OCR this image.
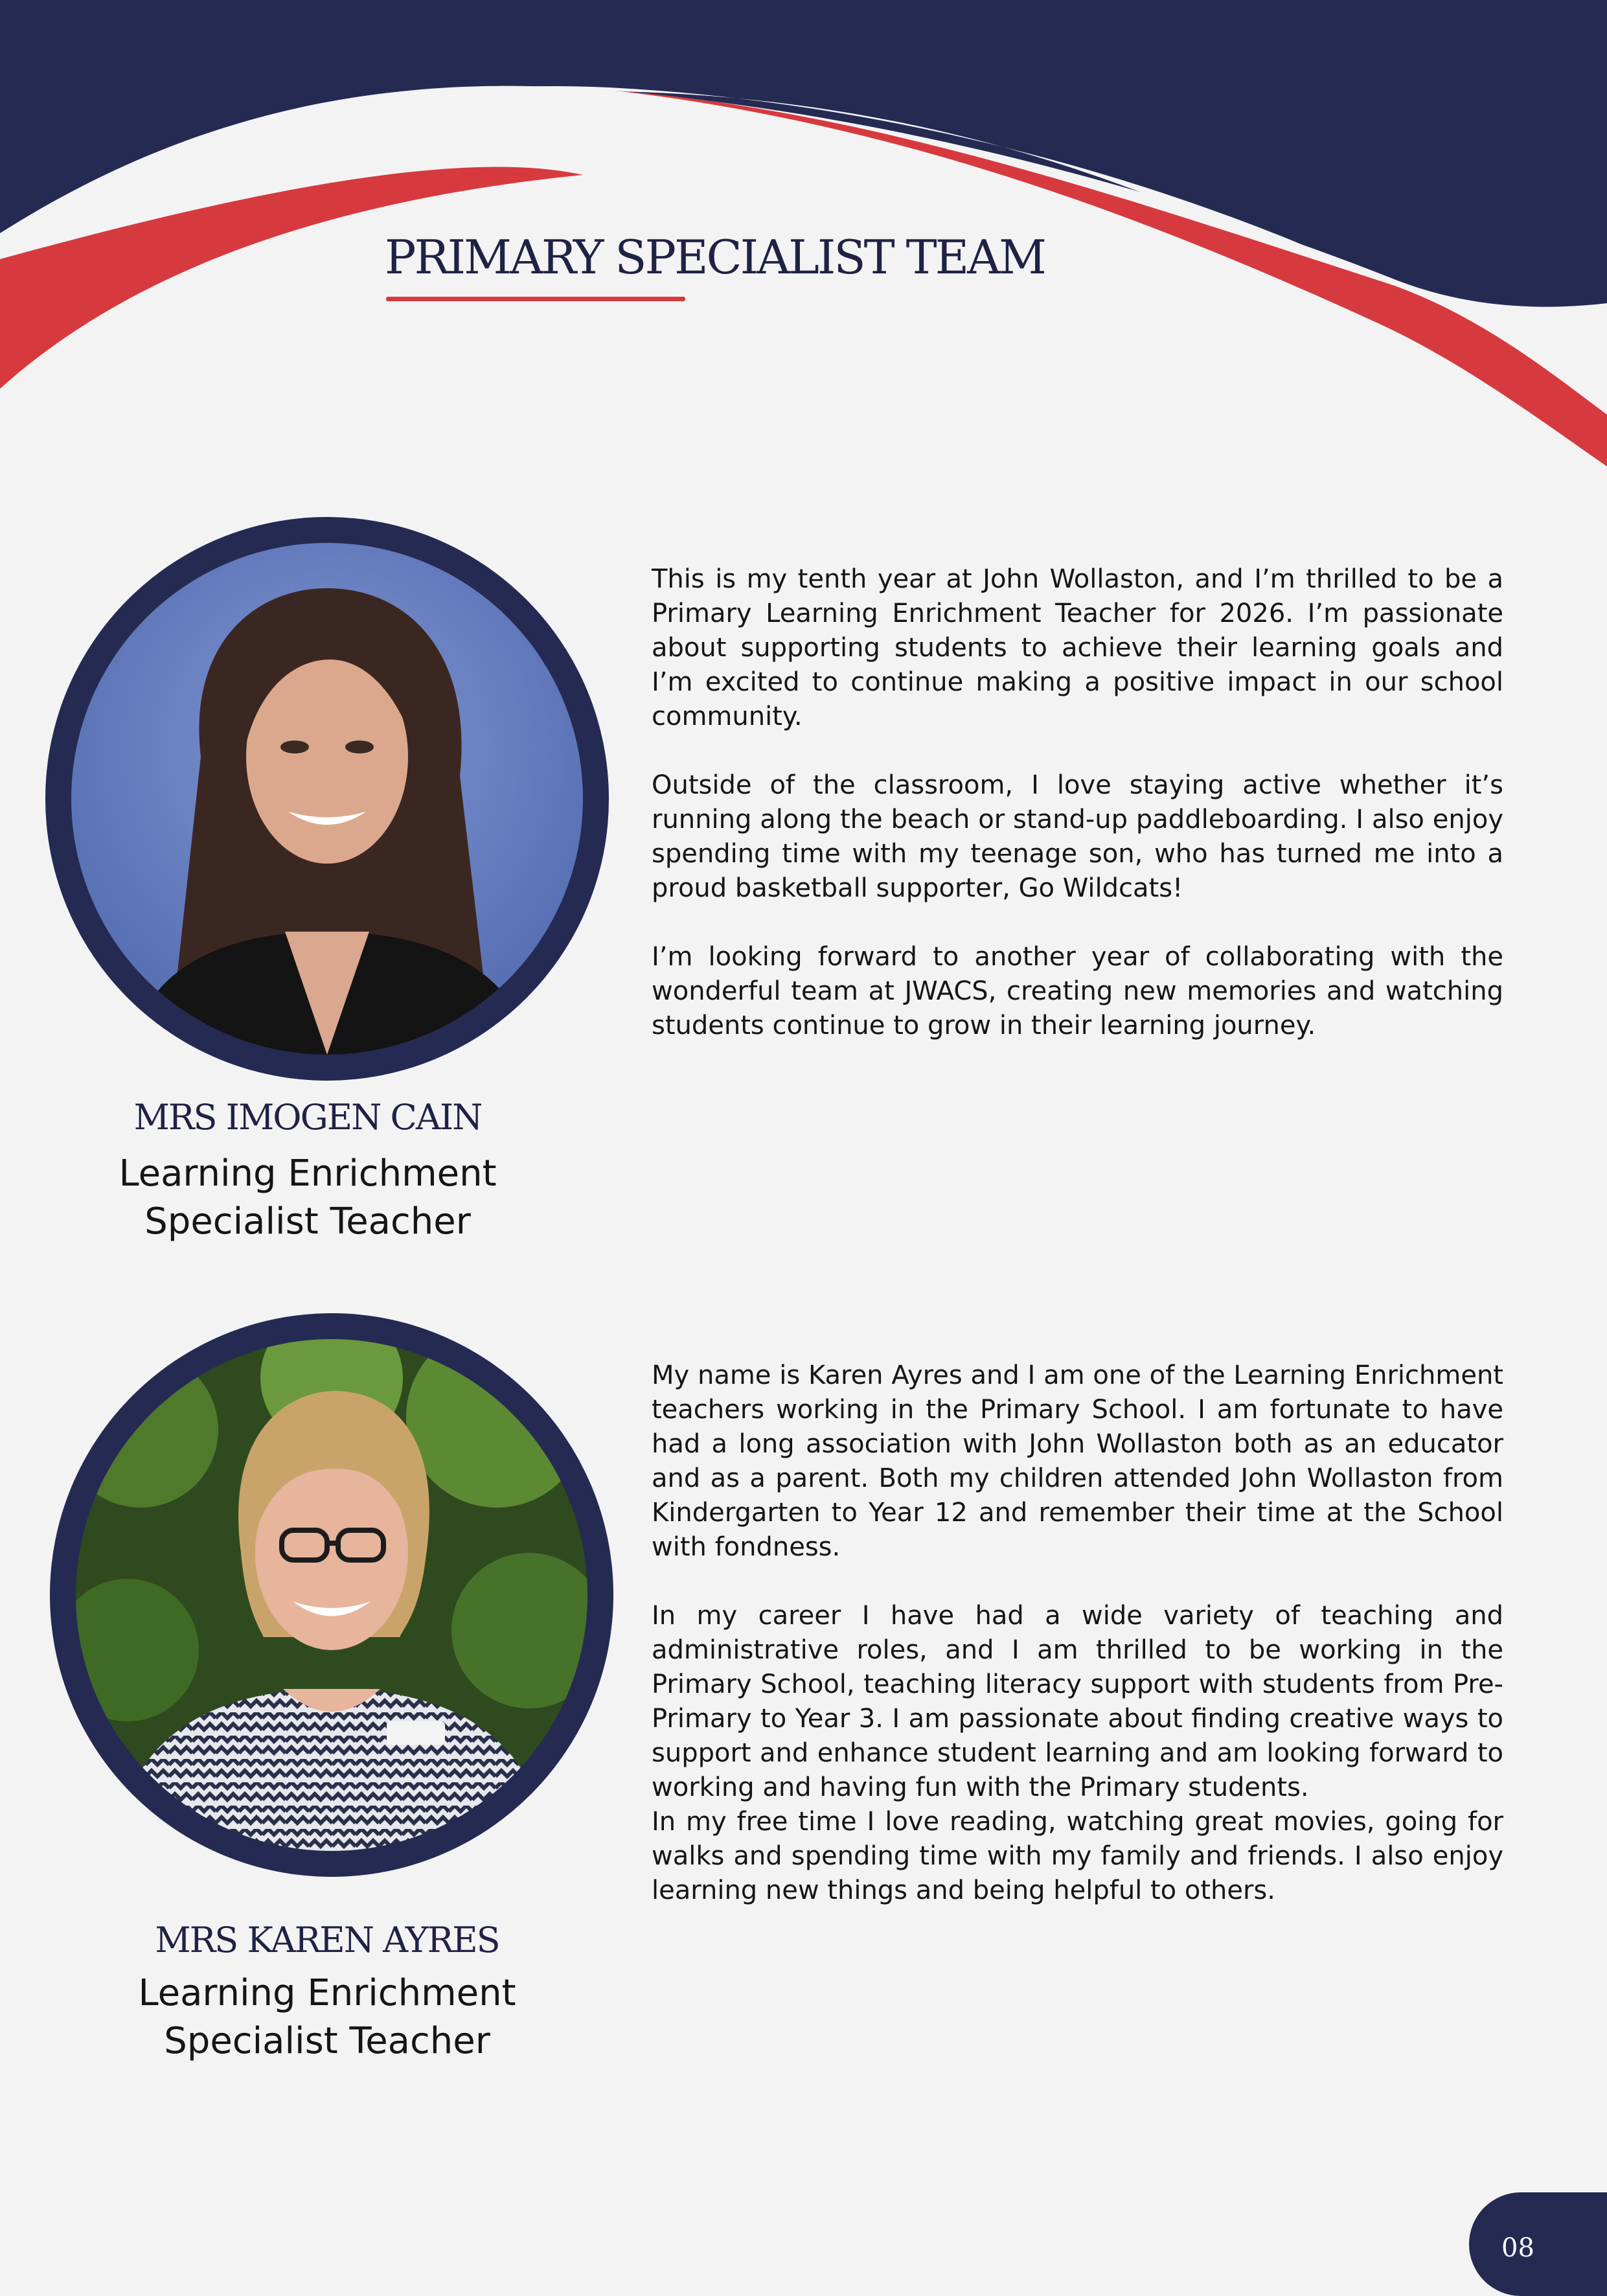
PRIMARY SPECIALIST TEAM
MRS IMOGEN CAIN
Learning Enrichment
Specialist Teacher

This is my tenth year at John Wollaston, and I’m thrilled to be a Primary Learning Enrichment Teacher for 2026. I’m passionate about supporting students to achieve their learning goals and I’m excited to continue making a positive impact in our school community.

Outside of the classroom, I love staying active whether it’s running along the beach or stand-up paddleboarding. I also enjoy spending time with my teenage son, who has turned me into a proud basketball supporter, Go Wildcats!

I’m looking forward to another year of collaborating with the wonderful team at JWACS, creating new memories and watching students continue to grow in their learning journey.

MRS KAREN AYRES
Learning Enrichment
Specialist Teacher

My name is Karen Ayres and I am one of the Learning Enrichment teachers working in the Primary School. I am fortunate to have had a long association with John Wollaston both as an educator and as a parent. Both my children attended John Wollaston from Kindergarten to Year 12 and remember their time at the School with fondness.

In my career I have had a wide variety of teaching and administrative roles, and I am thrilled to be working in the Primary School, teaching literacy support with students from Pre-Primary to Year 3. I am passionate about finding creative ways to support and enhance student learning and am looking forward to working and having fun with the Primary students.

In my free time I love reading, watching great movies, going for walks and spending time with my family and friends. I also enjoy learning new things and being helpful to others.

08
